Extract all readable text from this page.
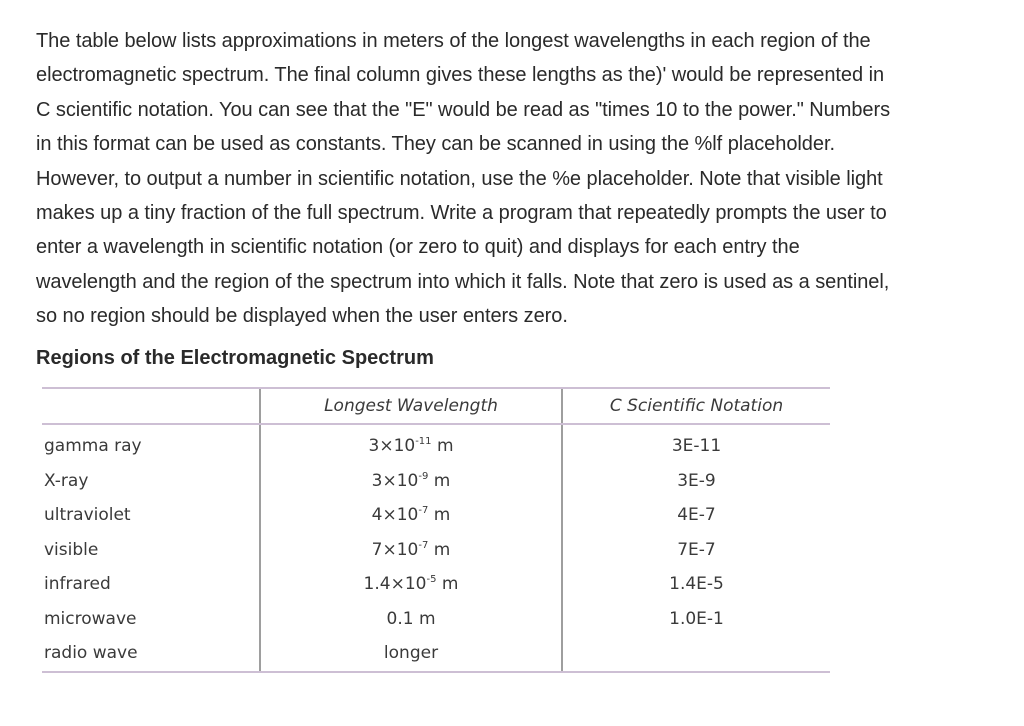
The table below lists approximations in meters of the longest wavelengths in each region of the
electromagnetic spectrum. The final column gives these lengths as the)' would be represented in
C scientific notation. You can see that the "E" would be read as "times 10 to the power." Numbers
in this format can be used as constants. They can be scanned in using the %lf placeholder.
However, to output a number in scientific notation, use the %e placeholder. Note that visible light
makes up a tiny fraction of the full spectrum. Write a program that repeatedly prompts the user to
enter a wavelength in scientific notation (or zero to quit) and displays for each entry the
wavelength and the region of the spectrum into which it falls. Note that zero is used as a sentinel,
so no region should be displayed when the user enters zero.

Regions of the Electromagnetic Spectrum
	Longest Wavelength	C Scientific Notation
gamma ray	$3\times 10^{-11}$ m	3E-11
X-ray	$3\times 10^{-9}$ m	3E-9
ultraviolet	$4\times 10^{-7}$ m	4E-7
visible	$7\times 10^{-7}$ m	7E-7
infrared	$1.4\times 10^{-5}$ m	1.4E-5
microwave	0.1 m	1.0E-1
radio wave	longer	
